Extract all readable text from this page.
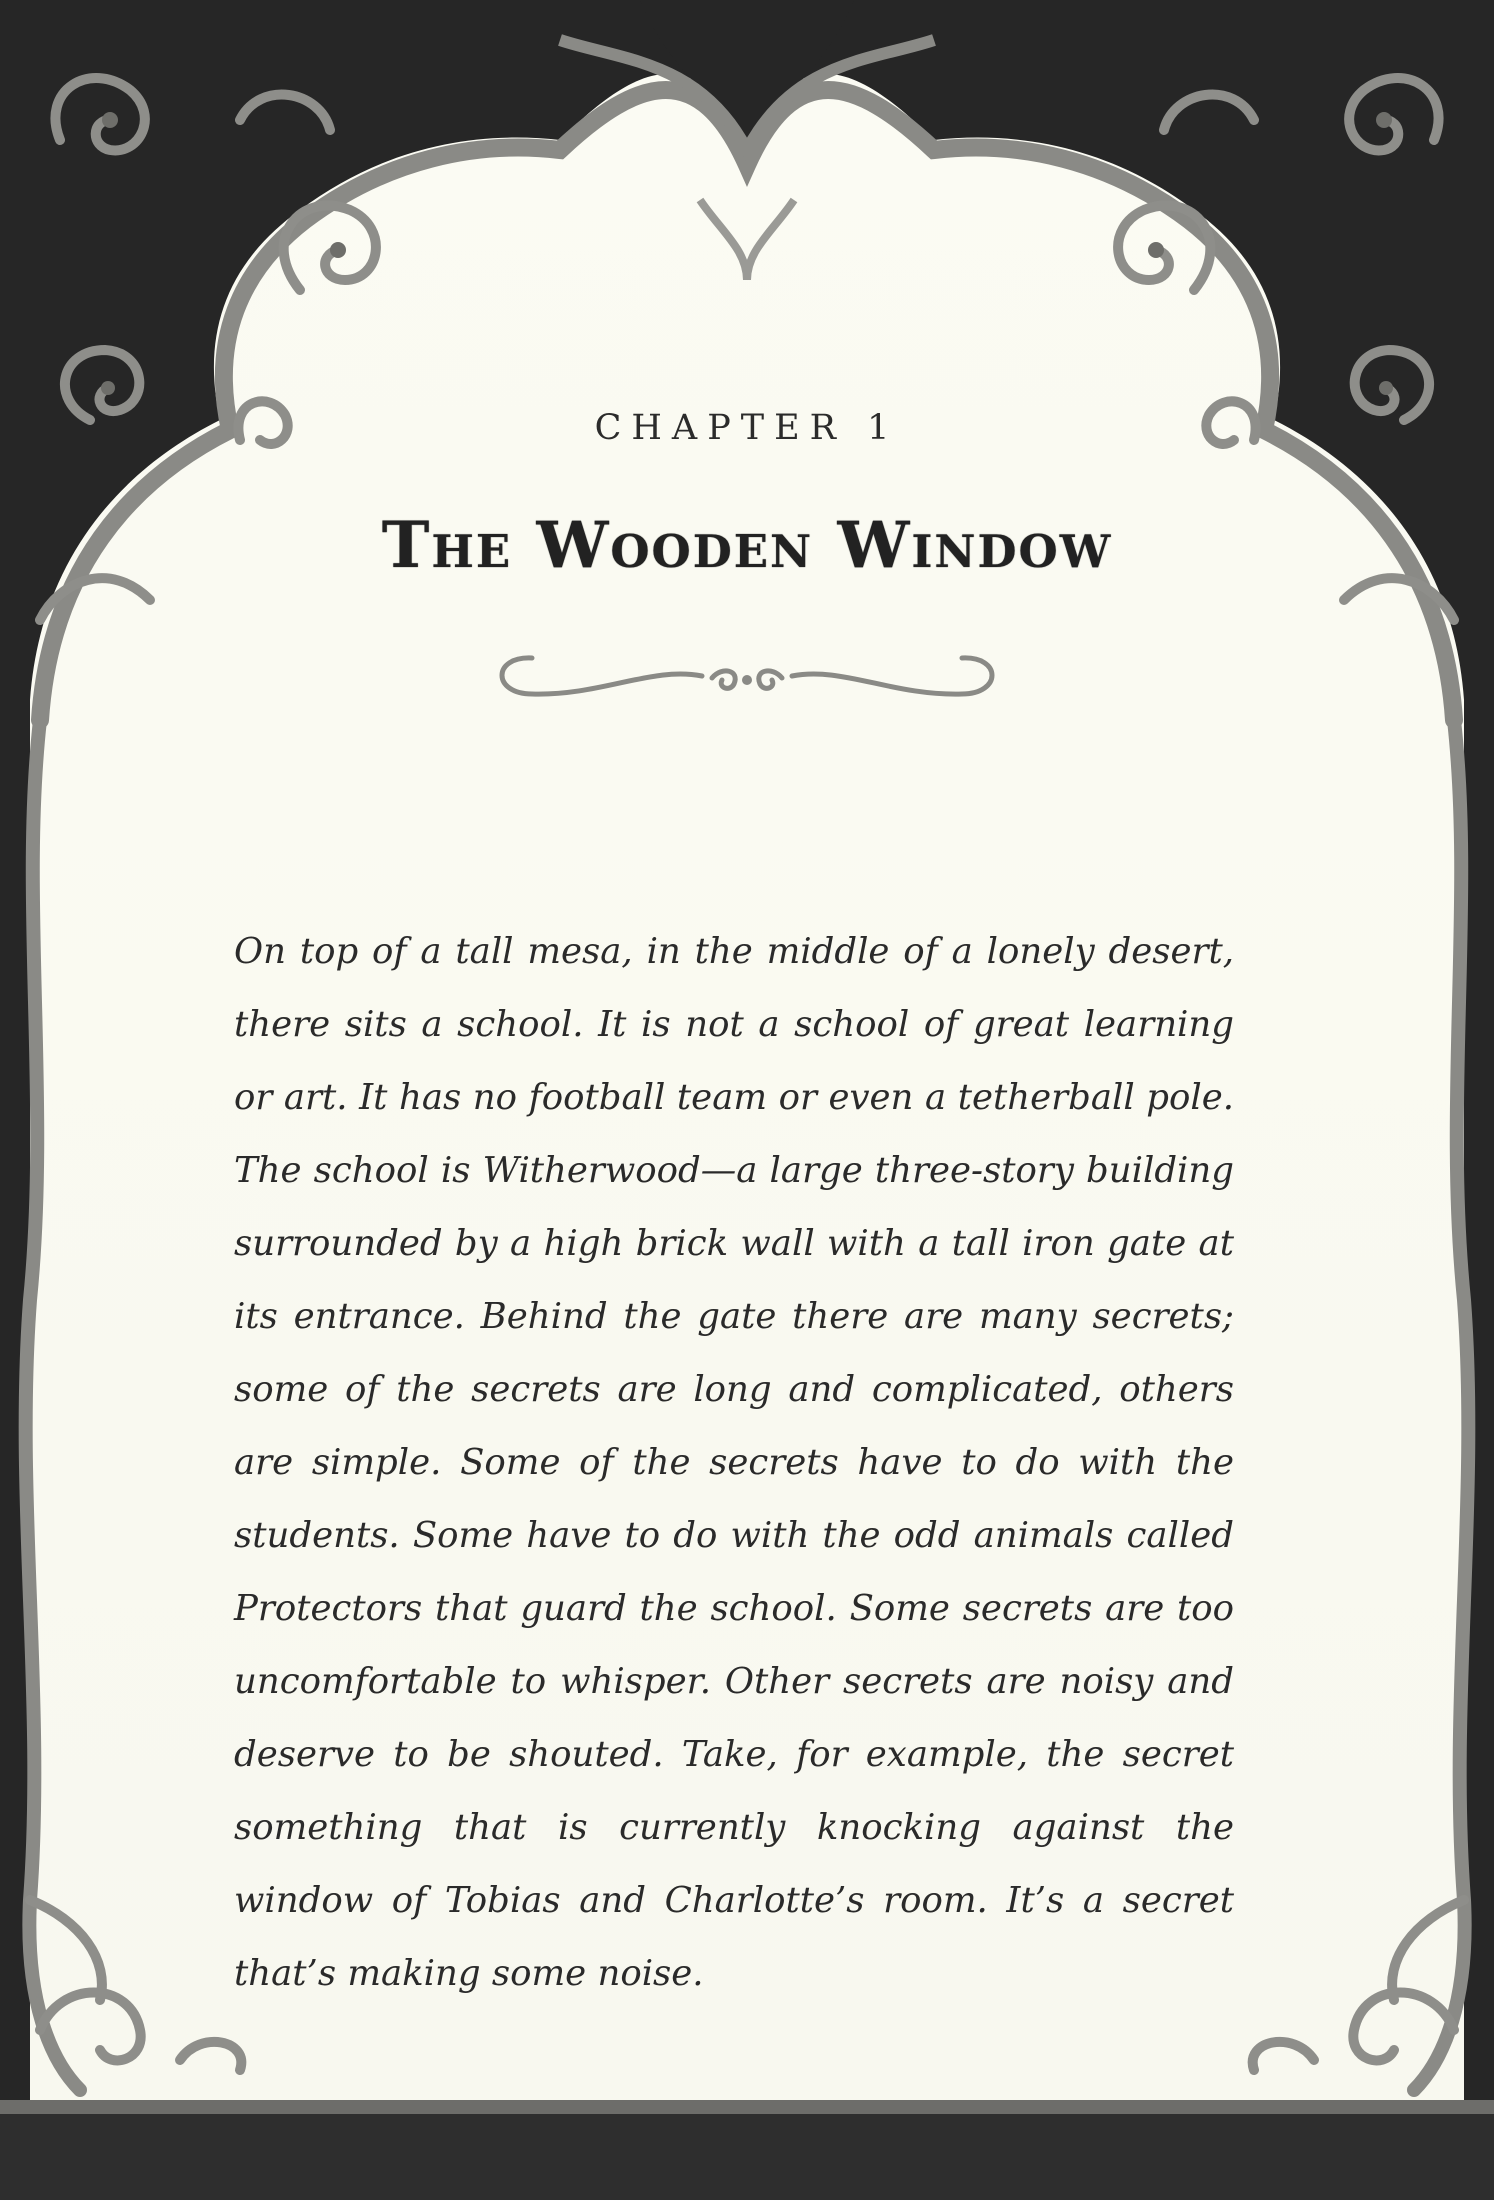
CHAPTER 1
The Wooden Window

On top of a tall mesa, in the middle of a lonely desert, there sits a school. It is not a school of great learning or art. It has no football team or even a tetherball pole. The school is Witherwood—a large three-story building surrounded by a high brick wall with a tall iron gate at its entrance. Behind the gate there are many secrets; some of the secrets are long and complicated, others are simple. Some of the secrets have to do with the students. Some have to do with the odd animals called Protectors that guard the school. Some secrets are too uncomfortable to whisper. Other secrets are noisy and deserve to be shouted. Take, for example, the secret something that is currently knocking against the window of Tobias and Charlotte’s room. It’s a secret that’s making some noise.
